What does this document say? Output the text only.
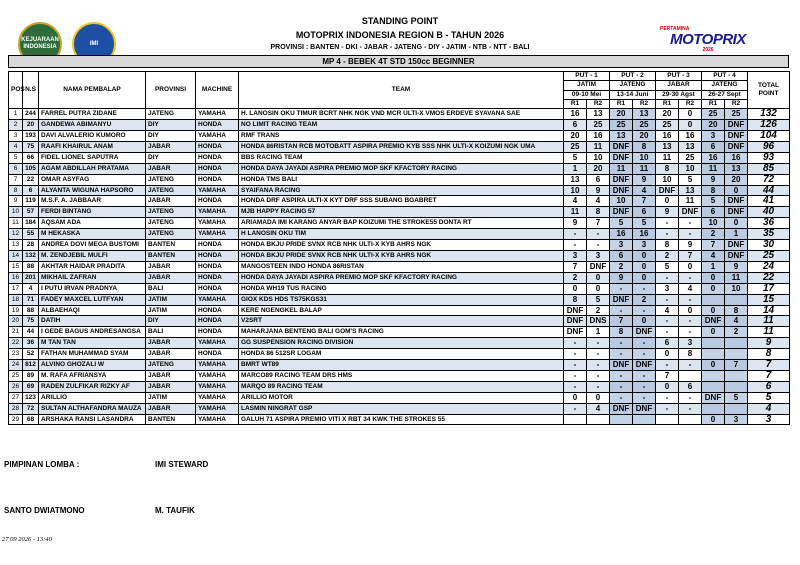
KEJUARAAN INDONESIA
IMI
PERTAMINA
MOTOPRIX
2026
STANDING POINT
MOTOPRIX INDONESIA REGION B - TAHUN 2026
PROVINSI : BANTEN - DKI - JABAR - JATENG - DIY - JATIM - NTB - NTT - BALI
MP 4 - BEBEK 4T STD 150cc BEGINNER
POS	N.S	NAMA PEMBALAP	PROVINSI	MACHINE	TEAM	PUT - 1		PUT - 2		PUT - 3		PUT - 4		TOTAL POINT
						JATIM		JATENG		JABAR		JATENG		
						09-10 Mei		13-14 Juni		29-30 Agst		26-27 Sept		
						R1	R2	R1	R2	R1	R2	R1	R2	
1	244	FARREL PUTRA ZIDANE	JATENG	YAMAHA	H. LANOSIN OKU TIMUR BCRT NHK NGK VND MCR ULTI-X VMOS ERDEVE SYAVANA SAE	16	13	20	13	20	0	25	25	132
2	20	GANDEWA ABIMANYU	DIY	HONDA	NO LIMIT RACING TEAM	6	25	25	25	25	0	20	DNF	126
3	193	DAVI ALVALERIO KUMORO	DIY	YAMAHA	RMF TRANS	20	16	13	20	16	16	3	DNF	104
4	75	RAAFI KHAIRUL ANAM	JABAR	HONDA	HONDA 86RISTAN RCB MOTOBATT ASPIRA PREMIO KYB SSS NHK ULTI-X KOIZUMI NGK UMA	25	11	DNF	8	13	13	6	DNF	96
5	66	FIDEL LIONEL SAPUTRA	DIY	HONDA	BBS RACING TEAM	5	10	DNF	10	11	25	16	16	93
6	105	AGAM ABDILLAH PRATAMA	JABAR	HONDA	HONDA DAYA JAYADI ASPIRA PREMIO MOP SKF KFACTORY RACING	1	20	11	11	8	10	11	13	85
7	22	OMAR ASYFAG	JATENG	HONDA	HONDA TMS BALI	13	6	DNF	9	10	5	9	20	72
8	6	ALYANTA WIGUNA HAPSORO	JATENG	YAMAHA	SYAIFANA RACING	10	9	DNF	4	DNF	13	8	0	44
9	119	M.S.F. A. JABBAAR	JABAR	HONDA	HONDA DRF ASPIRA ULTI-X KYT DRF SSS SUBANG BGABRET	4	4	10	7	0	11	5	DNF	41
10	57	FERDI BINTANG	JATENG	YAMAHA	MJB HAPPY RACING 57	11	8	DNF	6	9	DNF	6	DNF	40
11	184	AQSAM ADA	JATENG	YAMAHA	ARIAMADA IMI KARANG ANYAR BAP KOIZUMI THE STROKE55 DONTA RT	9	7	5	5	-	-	10	0	36
12	55	M HEKASKA	JATENG	YAMAHA	H LANOSIN OKU TIM	-	-	16	16	-	-	2	1	35
13	28	ANDREA DOVI MEGA BUSTOMI	BANTEN	HONDA	HONDA BKJU PRIDE SVNX RCB NHK ULTI-X KYB AHRS NGK	-	-	3	3	8	9	7	DNF	30
14	132	M. ZENDJEBIL MULFI	BANTEN	HONDA	HONDA BKJU PRIDE SVNX RCB NHK ULTI-X KYB AHRS NGK	3	3	6	0	2	7	4	DNF	25
15	88	AKHTAR HAIDAR PRADITA	JABAR	HONDA	MANGOSTEEN INDO HONDA 86RISTAN	7	DNF	2	0	5	0	1	9	24
16	201	MIKHAIL ZAFRAN	JABAR	HONDA	HONDA DAYA JAYADI ASPIRA PREMIO MOP SKF KFACTORY RACING	2	0	9	0	-	-	0	11	22
17	4	I PUTU IRVAN PRADNYA	BALI	HONDA	HONDA WH19 TUS RACING	0	0	-	-	3	4	0	10	17
18	71	FADEY MAXCEL LUTFYAN	JATIM	YAMAHA	GIOX KDS HDS TS75KGS31	8	5	DNF	2	-	-			15
19	88	ALBAEHAQI	JATIM	HONDA	KERE NGENGKEL BALAP	DNF	2	-	-	4	0	0	8	14
20	75	DATIH	DIY	HONDA	V2SRT	DNF	DNS	7	0	-	-	DNF	4	11
21	44	I GEDE BAGUS ANDRESANGSA	BALI	HONDA	MAHARJANA BENTENG BALI GOM'S RACING	DNF	1	8	DNF	-	-	0	2	11
22	36	M TAN TAN	JABAR	YAMAHA	GG SUSPENSION RACING DIVISION	-	-	-	-	6	3			9
23	52	FATHAN MUHAMMAD SYAM	JABAR	HONDA	HONDA 86 512SR LOGAM	-	-	-	-	0	8			8
24	812	ALVINO GHOZALI W	JATENG	YAMAHA	BMRT WT89	-	-	DNF	DNF	-	-	0	7	7
25	89	M. RAFA AFRIANSYA	JABAR	YAMAHA	MARCO89 RACING TEAM DRS HMS	-	-	-	-	7				7
26	69	RADEN ZULFIKAR RIZKY AF	JABAR	YAMAHA	MARQO 89 RACING TEAM	-	-	-	-	0	6			6
27	123	ARILLIO	JATIM	YAMAHA	ARILLIO MOTOR	0	0	-	-	-	-	DNF	5	5
28	72	SULTAN ALTHAFANDRA MAUZA	JABAR	YAMAHA	LASMIN NINGRAT GSP	-	4	DNF	DNF	-	-			4
29	68	ARSHAKA RANSI LASANDRA	BANTEN	YAMAHA	GALUH 71 ASPIRA PREMIO VITI X RBT 34 KWK THE STROKES 55							0	3	3
PIMPINAN LOMBA :	IMI STEWARD
SANTO DWIATMONO	M. TAUFIK
27 09 2026 - 13:40
